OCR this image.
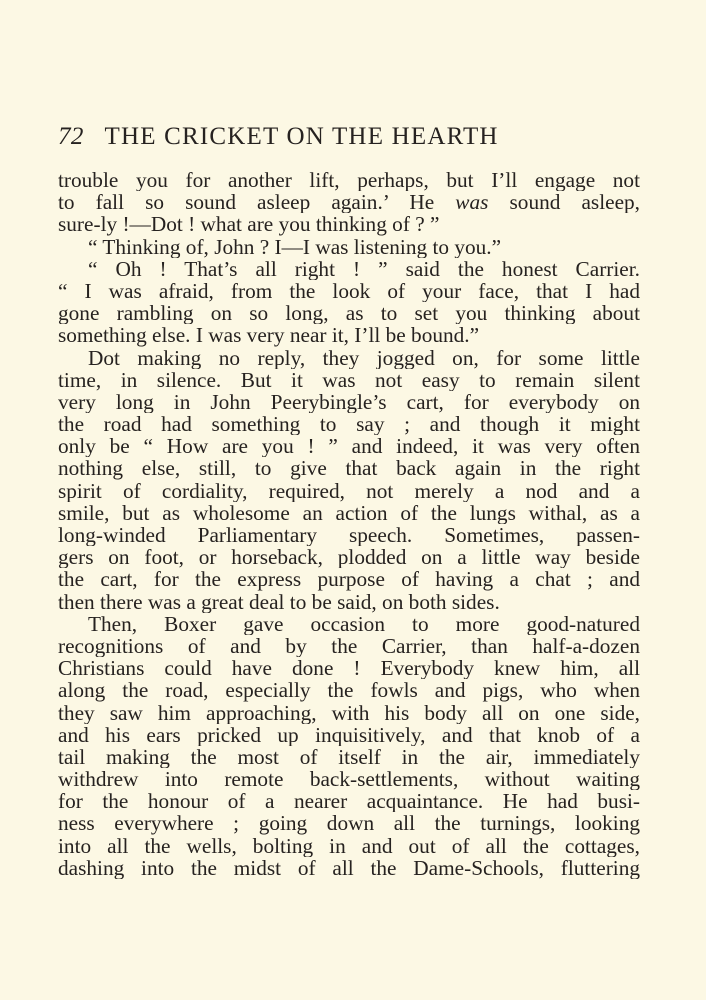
72 THE CRICKET ON THE HEARTH
trouble you for another lift, perhaps, but I’ll engage not
to fall so sound asleep again.’ He was sound asleep,
sure-ly !—Dot ! what are you thinking of ? ”
“ Thinking of, John ? I—I was listening to you.”
“ Oh ! That’s all right ! ” said the honest Carrier.
“ I was afraid, from the look of your face, that I had
gone rambling on so long, as to set you thinking about
something else. I was very near it, I’ll be bound.”
Dot making no reply, they jogged on, for some little
time, in silence. But it was not easy to remain silent
very long in John Peerybingle’s cart, for everybody on
the road had something to say ; and though it might
only be “ How are you ! ” and indeed, it was very often
nothing else, still, to give that back again in the right
spirit of cordiality, required, not merely a nod and a
smile, but as wholesome an action of the lungs withal, as a
long-winded Parliamentary speech. Sometimes, passen-
gers on foot, or horseback, plodded on a little way beside
the cart, for the express purpose of having a chat ; and
then there was a great deal to be said, on both sides.
Then, Boxer gave occasion to more good-natured
recognitions of and by the Carrier, than half-a-dozen
Christians could have done ! Everybody knew him, all
along the road, especially the fowls and pigs, who when
they saw him approaching, with his body all on one side,
and his ears pricked up inquisitively, and that knob of a
tail making the most of itself in the air, immediately
withdrew into remote back-settlements, without waiting
for the honour of a nearer acquaintance. He had busi-
ness everywhere ; going down all the turnings, looking
into all the wells, bolting in and out of all the cottages,
dashing into the midst of all the Dame-Schools, fluttering
